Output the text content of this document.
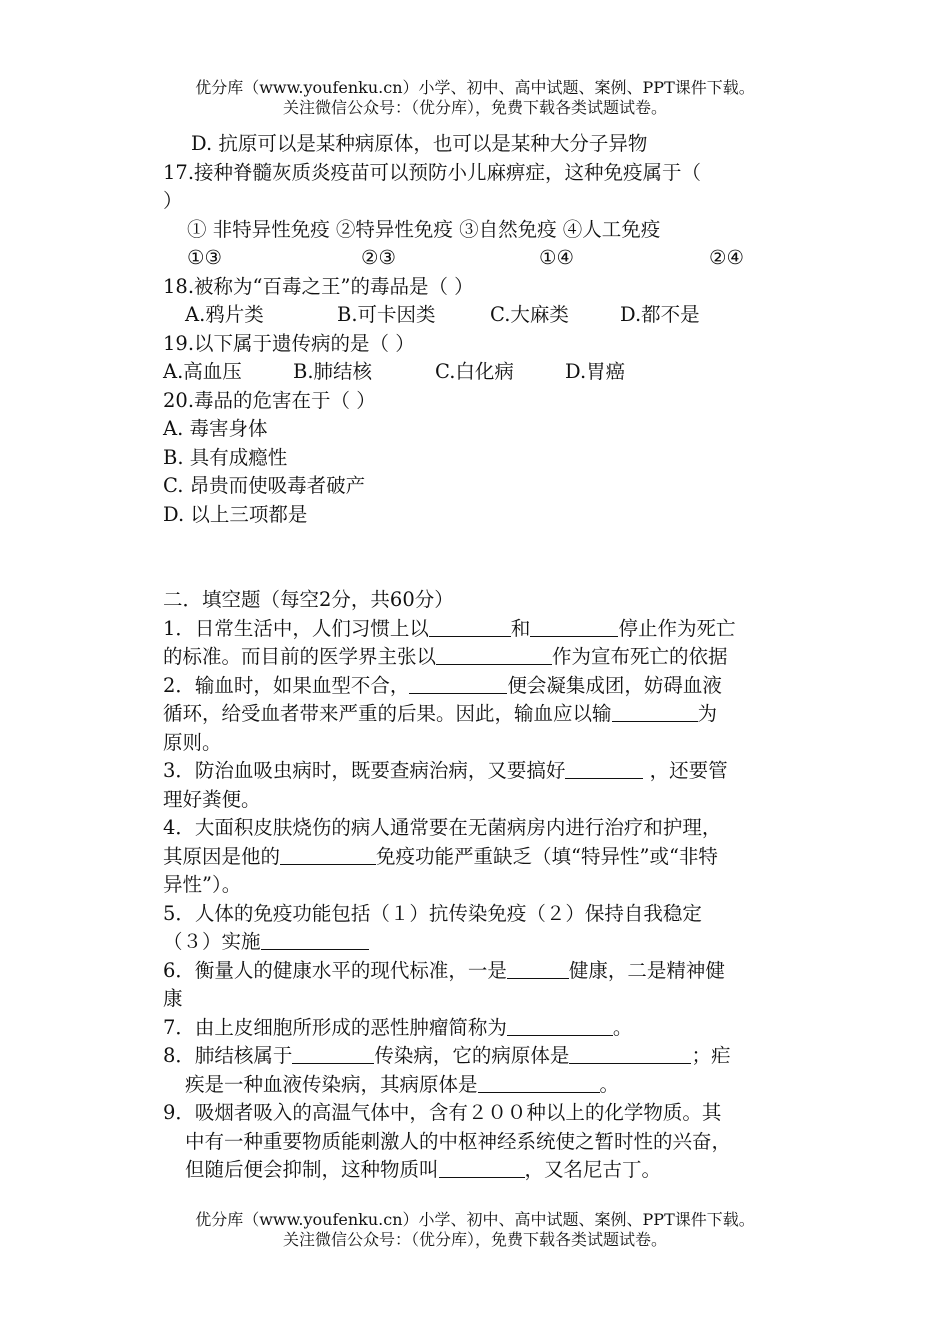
优分库（www.youfenku.cn）小学、初中、高中试题、案例、PPT课件下载。
关注微信公众号：（优分库），免费下载各类试题试卷。
D. 抗原可以是某种病原体，也可以是某种大分子异物
17.接种脊髓灰质炎疫苗可以预防小儿麻痹症，这种免疫属于（
）
① 非特异性免疫 ②特异性免疫 ③自然免疫 ④人工免疫
①③	②③	①④	②④
18.被称为“百毒之王”的毒品是（ ）
A.鸦片类	B.可卡因类	C.大麻类	D.都不是
19.以下属于遗传病的是（ ）
A.高血压	B.肺结核	C.白化病	D.胃癌
20.毒品的危害在于（ ）
A. 毒害身体
B. 具有成瘾性
C. 昂贵而使吸毒者破产
D. 以上三项都是
二．填空题（每空2分，共60分）
1．日常生活中，人们习惯上以	和	停止作为死亡
的标准。而目前的医学界主张以	作为宣布死亡的依据
2．输血时，如果血型不合，	便会凝集成团，妨碍血液
循环，给受血者带来严重的后果。因此，输血应以输	为
原则。
3．防治血吸虫病时，既要查病治病，又要搞好	，还要管
理好粪便。
4．大面积皮肤烧伤的病人通常要在无菌病房内进行治疗和护理，
其原因是他的	免疫功能严重缺乏（填“特异性”或“非特
异性”）。
5．人体的免疫功能包括（１）抗传染免疫（２）保持自我稳定
（３）实施
6．衡量人的健康水平的现代标准，一是	健康，二是精神健
康
7．由上皮细胞所形成的恶性肿瘤简称为	。
8．肺结核属于	传染病，它的病原体是	；疟
疾是一种血液传染病，其病原体是	。
9．吸烟者吸入的高温气体中，含有２００种以上的化学物质。其
中有一种重要物质能刺激人的中枢神经系统使之暂时性的兴奋，
但随后便会抑制，这种物质叫	，又名尼古丁。
优分库（www.youfenku.cn）小学、初中、高中试题、案例、PPT课件下载。
关注微信公众号：（优分库），免费下载各类试题试卷。
